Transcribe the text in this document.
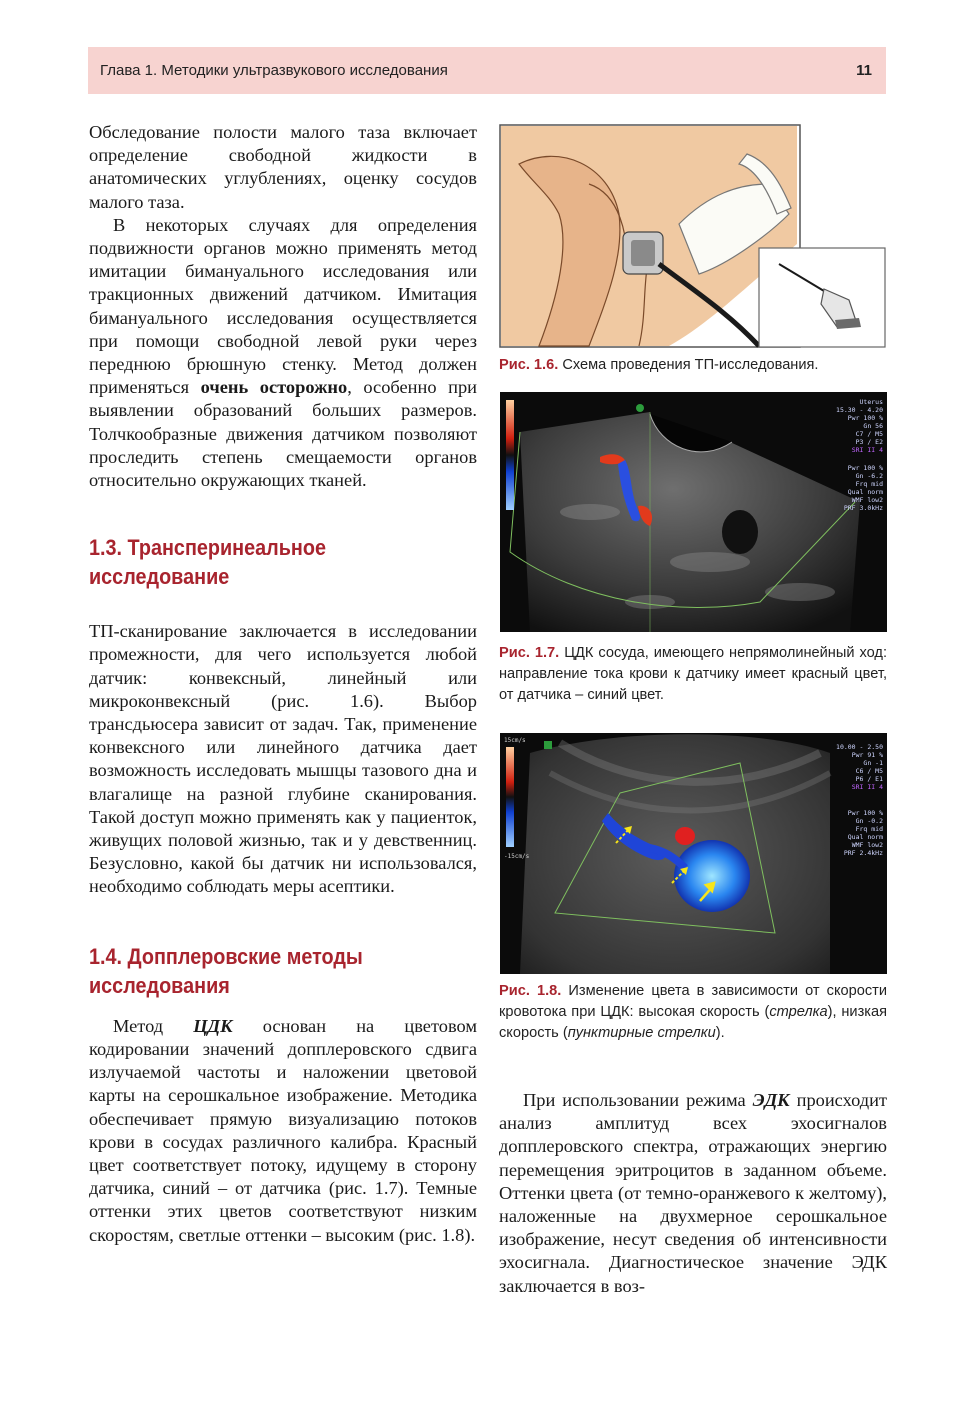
Глава 1. Методики ультразвукового исследования	11

Обследование полости малого таза включает определение свободной жидкости в анатомических углублениях, оценку сосудов малого таза.

В некоторых случаях для определения подвижности органов можно применять метод имитации бимануального исследования или тракционных движений датчиком. Имитация бимануального исследования осуществляется при помощи свободной левой руки через переднюю брюшную стенку. Метод должен применяться очень осторожно, особенно при выявлении образований больших размеров. Толчкообразные движения датчиком позволяют проследить степень смещаемости органов относительно окружающих тканей.

1.3. Трансперинеальное исследование

ТП-сканирование заключается в исследовании промежности, для чего используется любой датчик: конвексный, линейный или микроконвексный (рис. 1.6). Выбор трансдьюсера зависит от задач. Так, применение конвексного или линейного датчика дает возможность исследовать мышцы тазового дна и влагалище на разной глубине сканирования. Такой доступ можно применять как у пациенток, живущих половой жизнью, так и у девственниц. Безусловно, какой бы датчик ни использовался, необходимо соблюдать меры асептики.

1.4. Допплеровские методы исследования

Метод ЦДК основан на цветовом кодировании значений допплеровского сдвига излучаемой частоты и наложении цветовой карты на серошкальное изображение. Методика обеспечивает прямую визуализацию потоков крови в сосудах различного калибра. Красный цвет соответствует потоку, идущему в сторону датчика, синий – от датчика (рис. 1.7). Темные оттенки этих цветов соответствуют низким скоростям, светлые оттенки – высоким (рис. 1.8).

Рис. 1.6. Схема проведения ТП-исследования.
Uterus
15.30 - 4.20
Pwr 100 %
Gn 56
C7 / M5
P3 / E2
SRI II 4
Pwr 100 %
Gn -6.2
Frq mid
Qual norm
WMF low2
PRF 3.0kHz
Рис. 1.7. ЦДК сосуда, имеющего непрямолинейный ход: направление тока крови к датчику имеет красный цвет, от датчика – синий цвет.
15cm/s
-15cm/s
10.00 - 2.50
Pwr 91 %
Gn -1
C6 / M5
P6 / E1
SRI II 4
Pwr 100 %
Gn -0.2
Frq mid
Qual norm
WMF low2
PRF 2.4kHz
Рис. 1.8. Изменение цвета в зависимости от скорости кровотока при ЦДК: высокая скорость (стрелка), низкая скорость (пунктирные стрелки).

При использовании режима ЭДК происходит анализ амплитуд всех эхосигналов допплеровского спектра, отражающих энергию перемещения эритроцитов в заданном объеме. Оттенки цвета (от темно-оранжевого к желтому), наложенные на двухмерное серошкальное изображение, несут сведения об интенсивности эхосигнала. Диагностическое значение ЭДК заключается в воз-
